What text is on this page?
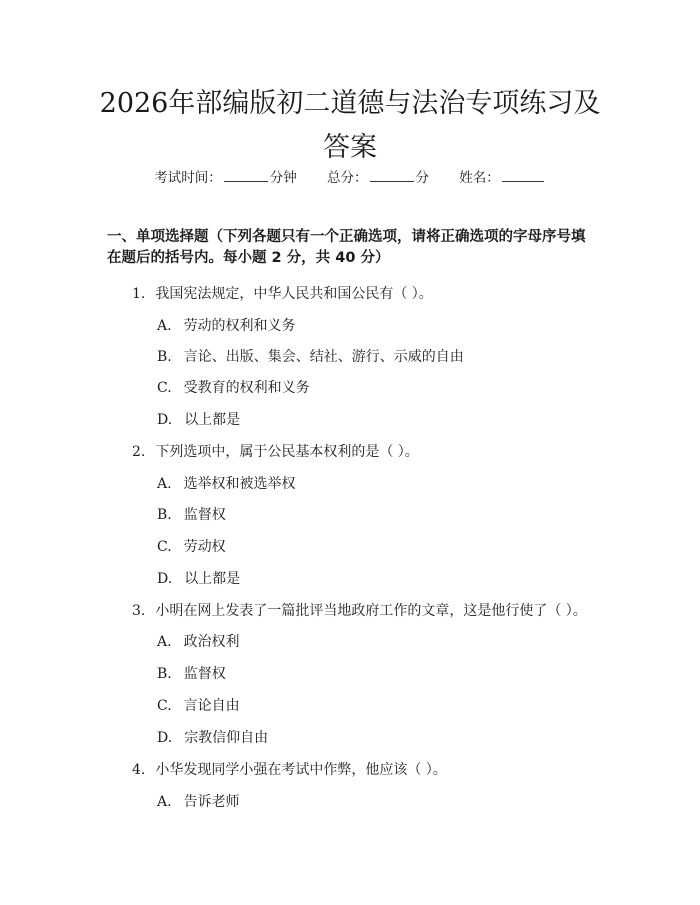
2026年部编版初二道德与法治专项练习及答案
考试时间：	分钟 总分：	分 姓名：
一、单项选择题（下列各题只有一个正确选项，请将正确选项的字母序号填在题后的括号内。每小题 2 分，共 40 分）
1. 我国宪法规定，中华人民共和国公民有（ ）。
A. 劳动的权利和义务
B. 言论、出版、集会、结社、游行、示威的自由
C. 受教育的权利和义务
D. 以上都是
2. 下列选项中，属于公民基本权利的是（ ）。
A. 选举权和被选举权
B. 监督权
C. 劳动权
D. 以上都是
3. 小明在网上发表了一篇批评当地政府工作的文章，这是他行使了（ ）。
A. 政治权利
B. 监督权
C. 言论自由
D. 宗教信仰自由
4. 小华发现同学小强在考试中作弊，他应该（ ）。
A. 告诉老师
